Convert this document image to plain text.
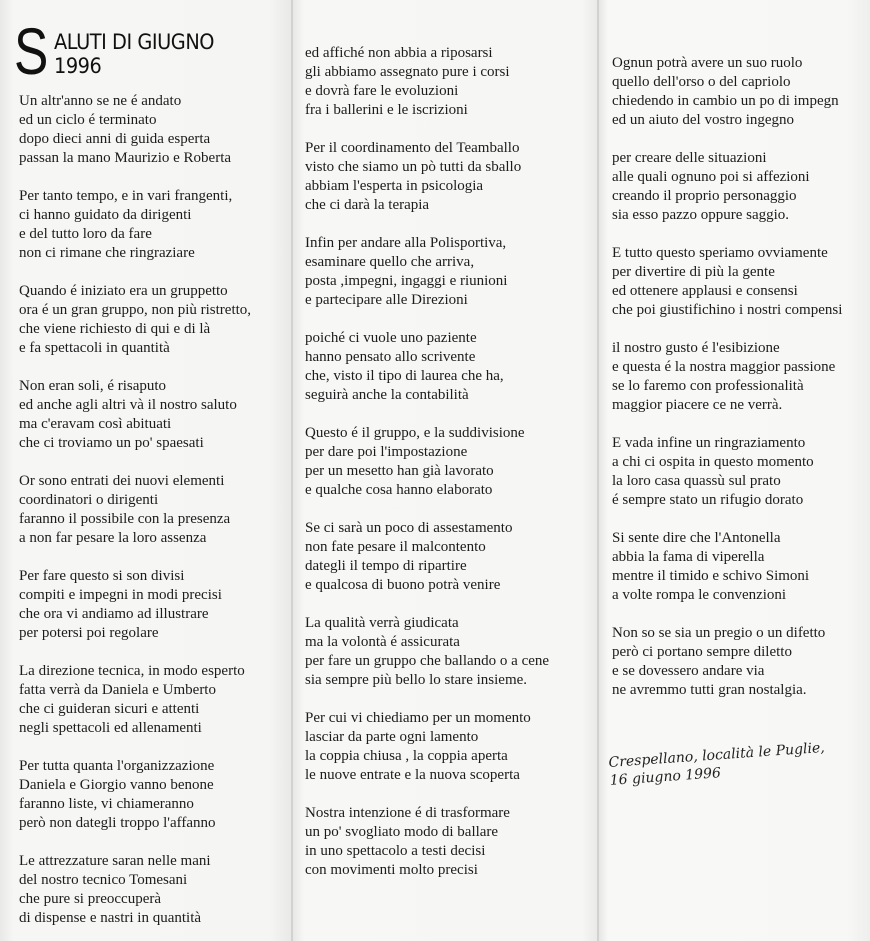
S ALUTI DI GIUGNO 1996
Un altr'anno se ne é andato
ed un ciclo é terminato
dopo dieci anni di guida esperta
passan la mano Maurizio e Roberta
Per tanto tempo, e in vari frangenti,
ci hanno guidato da dirigenti
e del tutto loro da fare
non ci rimane che ringraziare
Quando é iniziato era un gruppetto
ora é un gran gruppo, non più ristretto,
che viene richiesto di qui e di là
e fa spettacoli in quantità
Non eran soli, é risaputo
ed anche agli altri và il nostro saluto
ma c'eravam così abituati
che ci troviamo un po' spaesati
Or sono entrati dei nuovi elementi
coordinatori o dirigenti
faranno il possibile con la presenza
a non far pesare la loro assenza
Per fare questo si son divisi
compiti e impegni in modi precisi
che ora vi andiamo ad illustrare
per potersi poi regolare
La direzione tecnica, in modo esperto
fatta verrà da Daniela e Umberto
che ci guideran sicuri e attenti
negli spettacoli ed allenamenti
Per tutta quanta l'organizzazione
Daniela e Giorgio vanno benone
faranno liste, vi chiameranno
però non dategli troppo l'affanno
Le attrezzature saran nelle mani
del nostro tecnico Tomesani
che pure si preoccuperà
di dispense e nastri in quantità
ed affiché non abbia a riposarsi
gli abbiamo assegnato pure i corsi
e dovrà fare le evoluzioni
fra i ballerini e le iscrizioni
Per il coordinamento del Teamballo
visto che siamo un pò tutti da sballo
abbiam l'esperta in psicologia
che ci darà la terapia
Infin per andare alla Polisportiva,
esaminare quello che arriva,
posta ,impegni, ingaggi e riunioni
e partecipare alle Direzioni
poiché ci vuole uno paziente
hanno pensato allo scrivente
che, visto il tipo di laurea che ha,
seguirà anche la contabilità
Questo é il gruppo, e la suddivisione
per dare poi l'impostazione
per un mesetto han già lavorato
e qualche cosa hanno elaborato
Se ci sarà un poco di assestamento
non fate pesare il malcontento
dategli il tempo di ripartire
e qualcosa di buono potrà venire
La qualità verrà giudicata
ma la volontà é assicurata
per fare un gruppo che ballando o a cene
sia sempre più bello lo stare insieme.
Per cui vi chiediamo per un momento
lasciar da parte ogni lamento
la coppia chiusa , la coppia aperta
le nuove entrate e la nuova scoperta
Nostra intenzione é di trasformare
un po' svogliato modo di ballare
in uno spettacolo a testi decisi
con movimenti molto precisi
Ognun potrà avere un suo ruolo
quello dell'orso o del capriolo
chiedendo in cambio un po di impegn
ed un aiuto del vostro ingegno
per creare delle situazioni
alle quali ognuno poi si affezioni
creando il proprio personaggio
sia esso pazzo oppure saggio.
E tutto questo speriamo ovviamente
per divertire di più la gente
ed ottenere applausi e consensi
che poi giustifichino i nostri compensi
il nostro gusto é l'esibizione
e questa é la nostra maggior passione
se lo faremo con professionalità
maggior piacere ce ne verrà.
E vada infine un ringraziamento
a chi ci ospita in questo momento
la loro casa quassù sul prato
é sempre stato un rifugio dorato
Si sente dire che l'Antonella
abbia la fama di viperella
mentre il timido e schivo Simoni
a volte rompa le convenzioni
Non so se sia un pregio o un difetto
però ci portano sempre diletto
e se dovessero andare via
ne avremmo tutti gran nostalgia.
Crespellano, località le Puglie,
16 giugno 1996
